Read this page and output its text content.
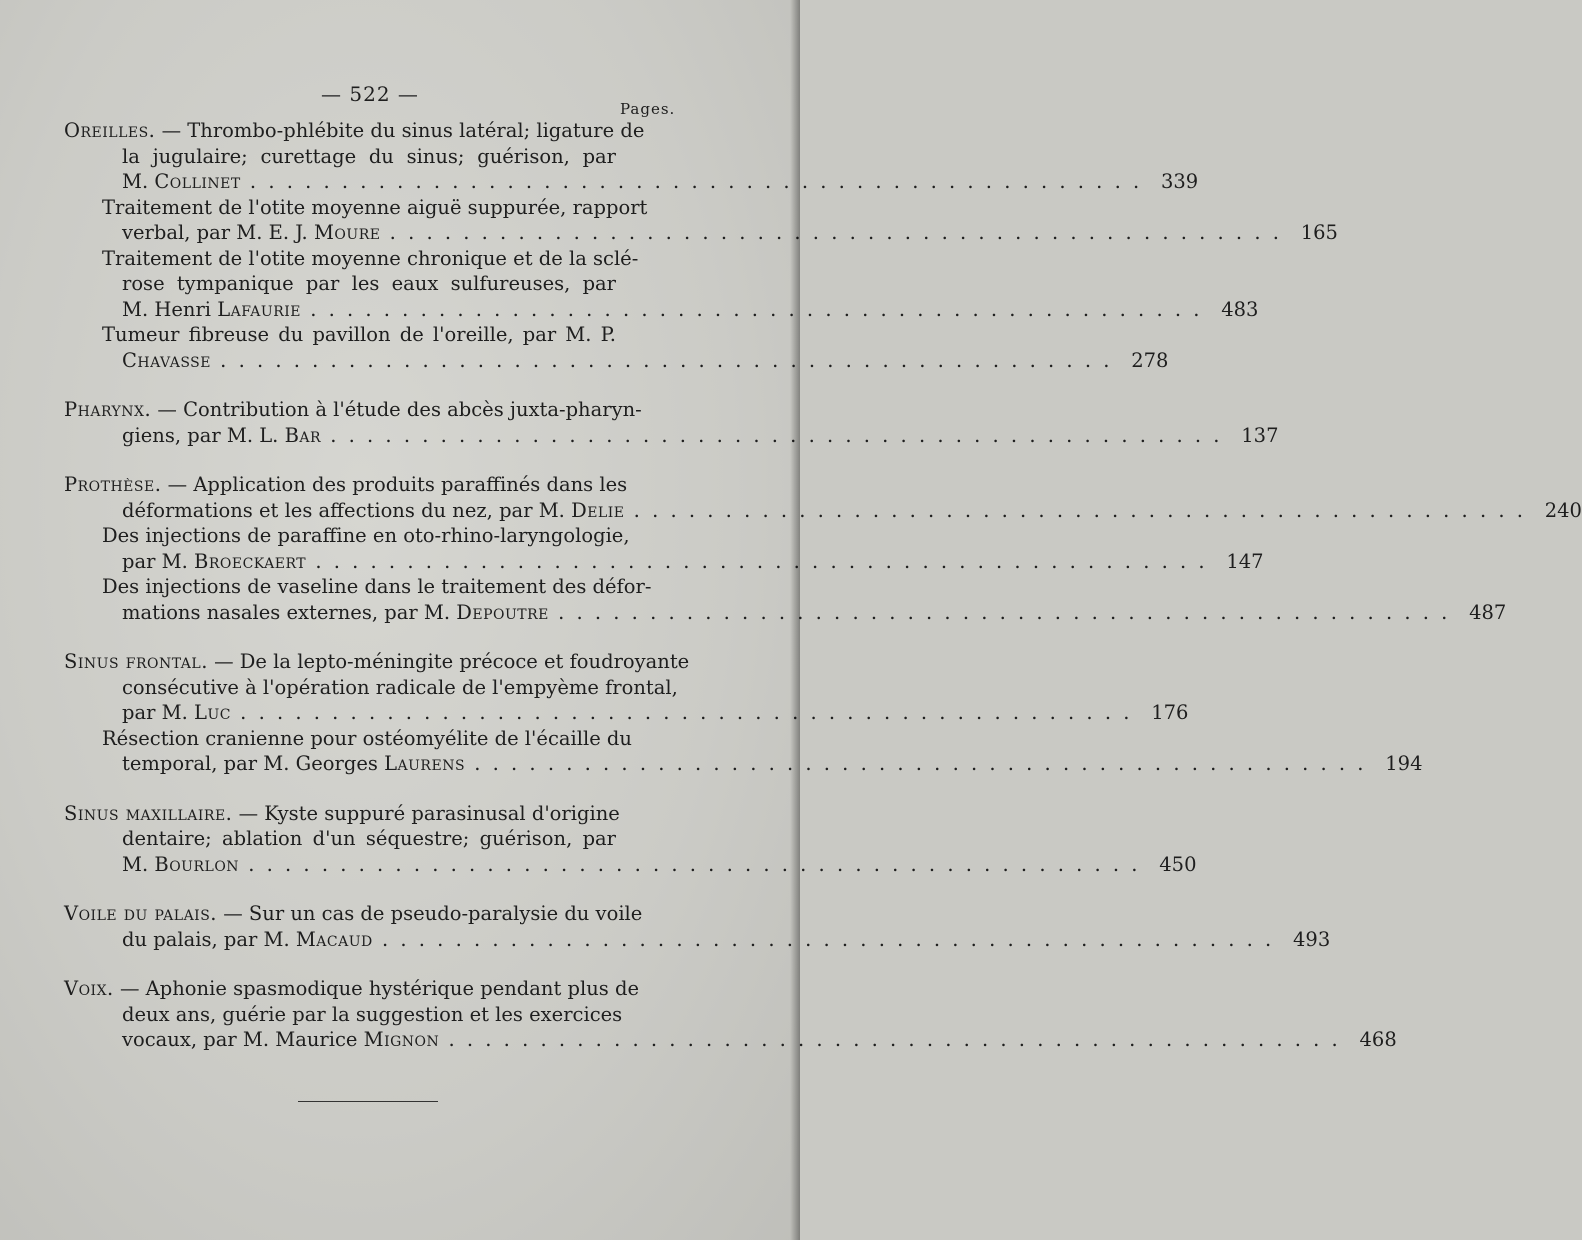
— 522 —
Pages.
Oreilles. — Thrombo-phlébite du sinus latéral; ligature de
la jugulaire; curettage du sinus; guérison, par
M. Collinet . . .	339
Traitement de l'otite moyenne aiguë suppurée, rapport
verbal, par M. E. J. Moure . . .	165
Traitement de l'otite moyenne chronique et de la sclé-
rose tympanique par les eaux sulfureuses, par
M. Henri Lafaurie . . .	483
Tumeur fibreuse du pavillon de l'oreille, par M. P.
Chavasse . . .	278
Pharynx. — Contribution à l'étude des abcès juxta-pharyn-
giens, par M. L. Bar . . .	137
Prothèse. — Application des produits paraffinés dans les
déformations et les affections du nez, par M. Delie . . .	240
Des injections de paraffine en oto-rhino-laryngologie,
par M. Broeckaert . . .	147
Des injections de vaseline dans le traitement des défor-
mations nasales externes, par M. Depoutre . . .	487
Sinus frontal. — De la lepto-méningite précoce et foudroyante
consécutive à l'opération radicale de l'empyème frontal,
par M. Luc . . .	176
Résection cranienne pour ostéomyélite de l'écaille du
temporal, par M. Georges Laurens . . .	194
Sinus maxillaire. — Kyste suppuré parasinusal d'origine
dentaire; ablation d'un séquestre; guérison, par
M. Bourlon . . .	450
Voile du palais. — Sur un cas de pseudo-paralysie du voile
du palais, par M. Macaud . . .	493
Voix. — Aphonie spasmodique hystérique pendant plus de
deux ans, guérie par la suggestion et les exercices
vocaux, par M. Maurice Mignon . . .	468
